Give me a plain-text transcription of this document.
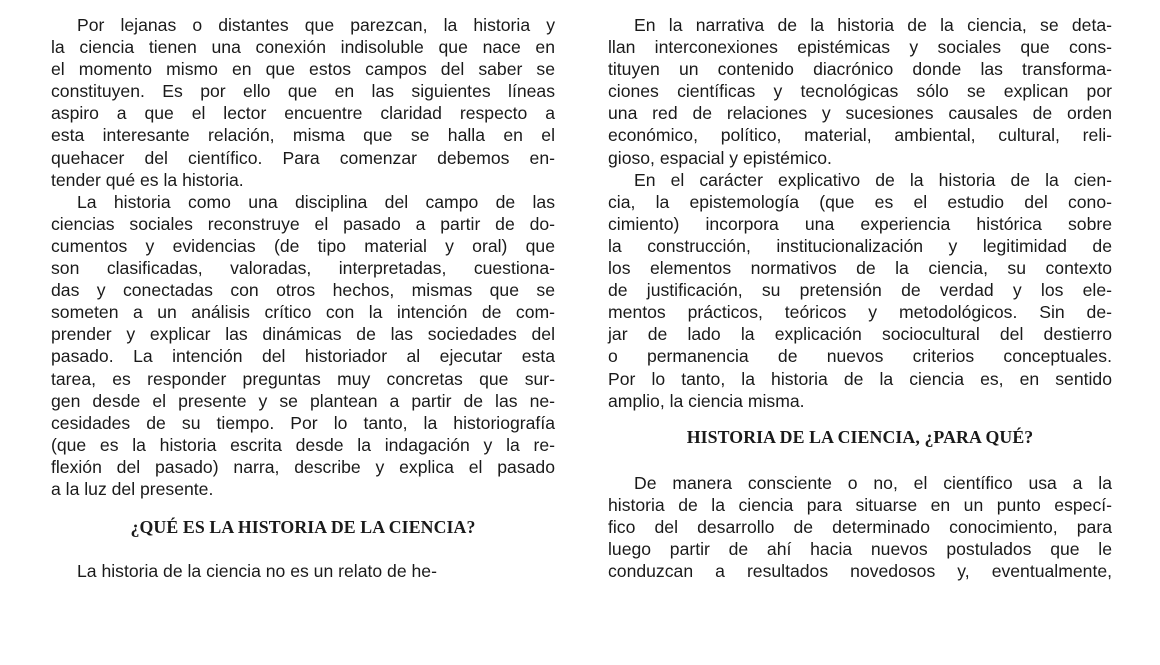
Por lejanas o distantes que parezcan, la historia y
la ciencia tienen una conexión indisoluble que nace en
el momento mismo en que estos campos del saber se
constituyen. Es por ello que en las siguientes líneas
aspiro a que el lector encuentre claridad respecto a
esta interesante relación, misma que se halla en el
quehacer del científico. Para comenzar debemos en-
tender qué es la historia.
La historia como una disciplina del campo de las
ciencias sociales reconstruye el pasado a partir de do-
cumentos y evidencias (de tipo material y oral) que
son clasificadas, valoradas, interpretadas, cuestiona-
das y conectadas con otros hechos, mismas que se
someten a un análisis crítico con la intención de com-
prender y explicar las dinámicas de las sociedades del
pasado. La intención del historiador al ejecutar esta
tarea, es responder preguntas muy concretas que sur-
gen desde el presente y se plantean a partir de las ne-
cesidades de su tiempo. Por lo tanto, la historiografía
(que es la historia escrita desde la indagación y la re-
flexión del pasado) narra, describe y explica el pasado
a la luz del presente.
¿QUÉ ES LA HISTORIA DE LA CIENCIA?
La historia de la ciencia no es un relato de he-
En la narrativa de la historia de la ciencia, se deta-
llan interconexiones epistémicas y sociales que cons-
tituyen un contenido diacrónico donde las transforma-
ciones científicas y tecnológicas sólo se explican por
una red de relaciones y sucesiones causales de orden
económico, político, material, ambiental, cultural, reli-
gioso, espacial y epistémico.
En el carácter explicativo de la historia de la cien-
cia, la epistemología (que es el estudio del cono-
cimiento) incorpora una experiencia histórica sobre
la construcción, institucionalización y legitimidad de
los elementos normativos de la ciencia, su contexto
de justificación, su pretensión de verdad y los ele-
mentos prácticos, teóricos y metodológicos. Sin de-
jar de lado la explicación sociocultural del destierro
o permanencia de nuevos criterios conceptuales.
Por lo tanto, la historia de la ciencia es, en sentido
amplio, la ciencia misma.
HISTORIA DE LA CIENCIA, ¿PARA QUÉ?
De manera consciente o no, el científico usa a la
historia de la ciencia para situarse en un punto especí-
fico del desarrollo de determinado conocimiento, para
luego partir de ahí hacia nuevos postulados que le
conduzcan a resultados novedosos y, eventualmente,
